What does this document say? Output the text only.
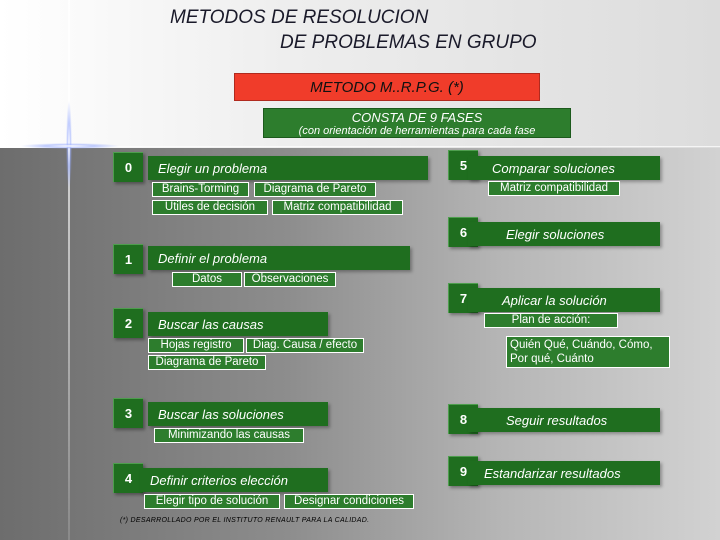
METODOS DE RESOLUCION
DE PROBLEMAS EN GRUPO
METODO M..R.P.G. (*)
CONSTA DE 9 FASES
(con orientación de herramientas para cada fase
0	Elegir un problema
Brains-Torming	Diagrama de Pareto
Utiles de decisión	Matriz compatibilidad
1	Definir el problema
Datos	Observaciones
2	Buscar las causas
Hojas registro	Diag. Causa / efecto
Diagrama de Pareto
3	Buscar las soluciones
Minimizando las causas
4	Definir criterios elección
Elegir tipo de solución	Designar condiciones
5	Comparar soluciones
Matriz compatibilidad
6	Elegir soluciones
7	Aplicar la solución
Plan de acción:
Quién Qué, Cuándo, Cómo, Por qué, Cuánto
8	Seguir resultados
9	Estandarizar resultados
(*) DESARROLLADO POR EL INSTITUTO RENAULT PARA LA CALIDAD.
